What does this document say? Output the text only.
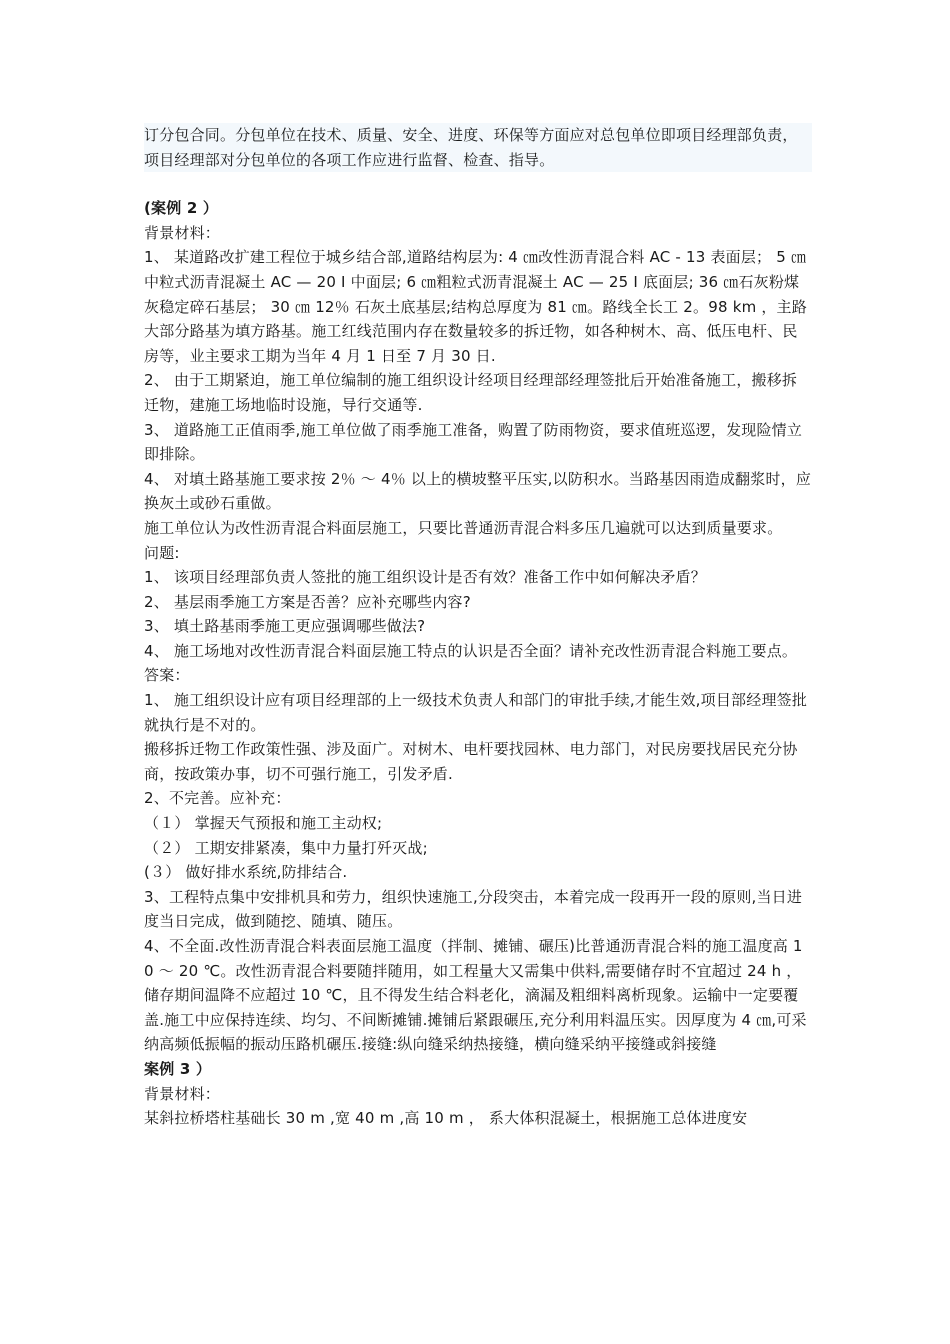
订分包合同。分包单位在技术、质量、安全、进度、环保等方面应对总包单位即项目经理部负责，项目经理部对分包单位的各项工作应进行监督、检查、指导。

(案例 2 ）

背景材料：

1、 某道路改扩建工程位于城乡结合部,道路结构层为: 4 ㎝改性沥青混合料 AC - 13 表面层； 5 ㎝中粒式沥青混凝土 AC — 20 I 中面层; 6 ㎝粗粒式沥青混凝土 AC — 25 I 底面层; 36 ㎝石灰粉煤灰稳定碎石基层； 30 ㎝ 12％ 石灰土底基层;结构总厚度为 81 ㎝。路线全长工 2。98 km ，主路大部分路基为填方路基。施工红线范围内存在数量较多的拆迁物，如各种树木、高、低压电杆、民房等，业主要求工期为当年 4 月 1 日至 7 月 30 日.

2、 由于工期紧迫，施工单位编制的施工组织设计经项目经理部经理签批后开始准备施工，搬移拆迁物，建施工场地临时设施，导行交通等.

3、 道路施工正值雨季,施工单位做了雨季施工准备，购置了防雨物资，要求值班巡逻，发现险情立即排除。

4、 对填土路基施工要求按 2％ ～ 4％ 以上的横坡整平压实,以防积水。当路基因雨造成翻浆时，应换灰土或砂石重做。

施工单位认为改性沥青混合料面层施工，只要比普通沥青混合料多压几遍就可以达到质量要求。

问题:

1、 该项目经理部负责人签批的施工组织设计是否有效？准备工作中如何解决矛盾？

2、 基层雨季施工方案是否善？应补充哪些内容?

3、 填土路基雨季施工更应强调哪些做法?

4、 施工场地对改性沥青混合料面层施工特点的认识是否全面？请补充改性沥青混合料施工要点。

答案：

1、 施工组织设计应有项目经理部的上一级技术负责人和部门的审批手续,才能生效,项目部经理签批就执行是不对的。

搬移拆迁物工作政策性强、涉及面广。对树木、电杆要找园林、电力部门，对民房要找居民充分协商，按政策办事，切不可强行施工，引发矛盾.

2、不完善。应补充：

（１） 掌握天气预报和施工主动权;

（２） 工期安排紧凑，集中力量打歼灭战;

(３） 做好排水系统,防排结合.

3、工程特点集中安排机具和劳力，组织快速施工,分段突击，本着完成一段再开一段的原则,当日进度当日完成，做到随挖、随填、随压。

4、不全面.改性沥青混合料表面层施工温度（拌制、摊铺、碾压)比普通沥青混合料的施工温度高 10 ～ 20 ℃。改性沥青混合料要随拌随用，如工程量大又需集中供料,需要储存时不宜超过 24 h ，储存期间温降不应超过 10 ℃，且不得发生结合料老化，滴漏及粗细料离析现象。运输中一定要覆盖.施工中应保持连续、均匀、不间断摊铺.摊铺后紧跟碾压,充分利用料温压实。因厚度为 4 ㎝,可采纳高频低振幅的振动压路机碾压.接缝:纵向缝采纳热接缝，横向缝采纳平接缝或斜接缝

案例 3 ）

背景材料：

某斜拉桥塔柱基础长 30 m ,宽 40 m ,高 10 m ， 系大体积混凝土，根据施工总体进度安
